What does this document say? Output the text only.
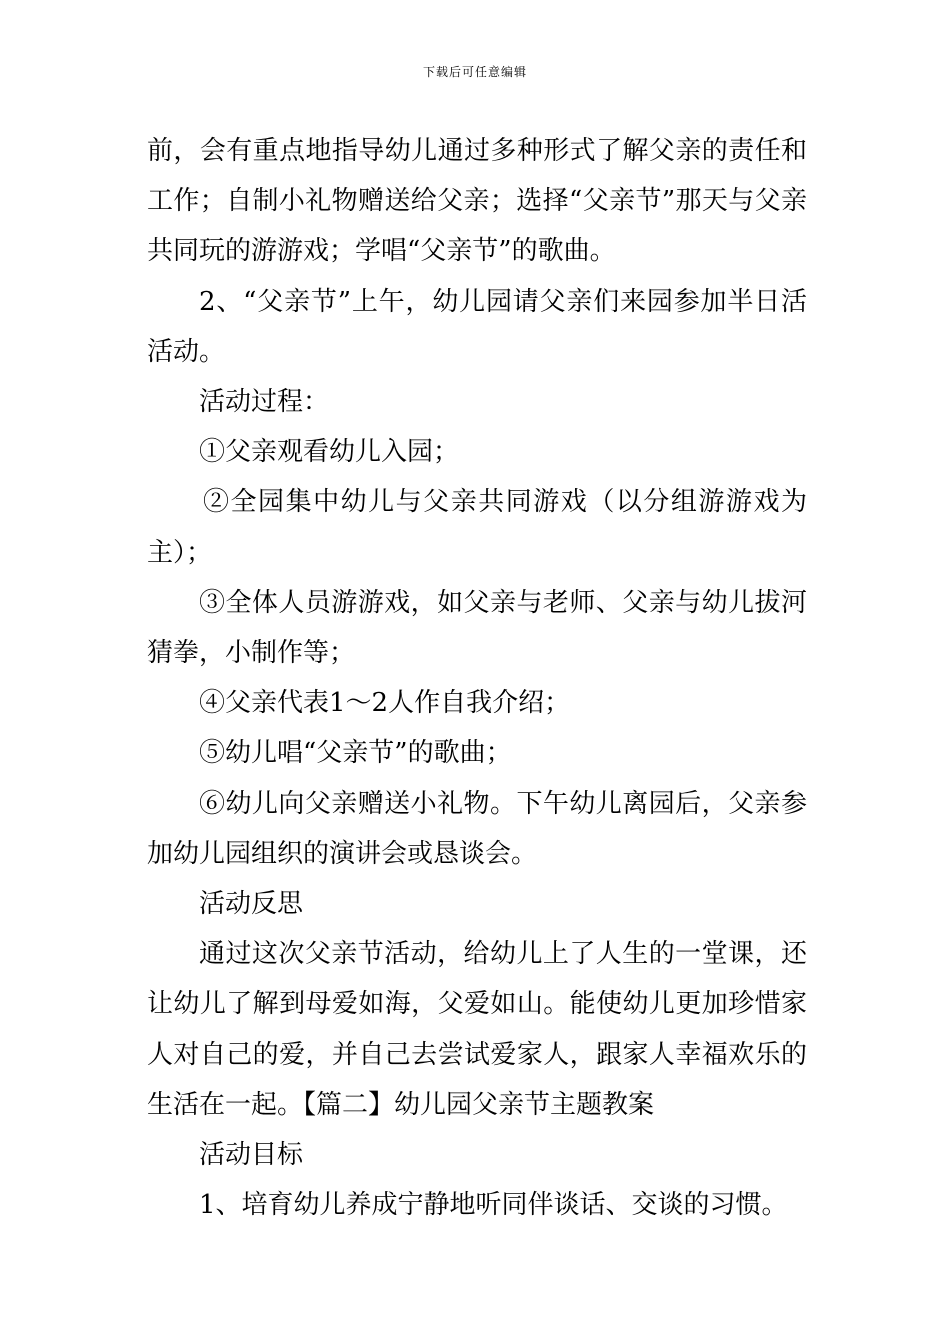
下载后可任意编辑

前，会有重点地指导幼儿通过多种形式了解父亲的责任和工作；自制小礼物赠送给父亲；选择“父亲节”那天与父亲共同玩的游游戏；学唱“父亲节”的歌曲。

2、“父亲节”上午，幼儿园请父亲们来园参加半日活活动。

活动过程：

①父亲观看幼儿入园；

②全园集中幼儿与父亲共同游戏（以分组游游戏为主）；

③全体人员游游戏，如父亲与老师、父亲与幼儿拔河猜拳，小制作等；

④父亲代表1～2人作自我介绍；

⑤幼儿唱“父亲节”的歌曲；

⑥幼儿向父亲赠送小礼物。下午幼儿离园后，父亲参加幼儿园组织的演讲会或恳谈会。

活动反思

通过这次父亲节活动，给幼儿上了人生的一堂课，还让幼儿了解到母爱如海，父爱如山。能使幼儿更加珍惜家人对自己的爱，并自己去尝试爱家人，跟家人幸福欢乐的生活在一起。【篇二】幼儿园父亲节主题教案

活动目标

1、培育幼儿养成宁静地听同伴谈话、交谈的习惯。
